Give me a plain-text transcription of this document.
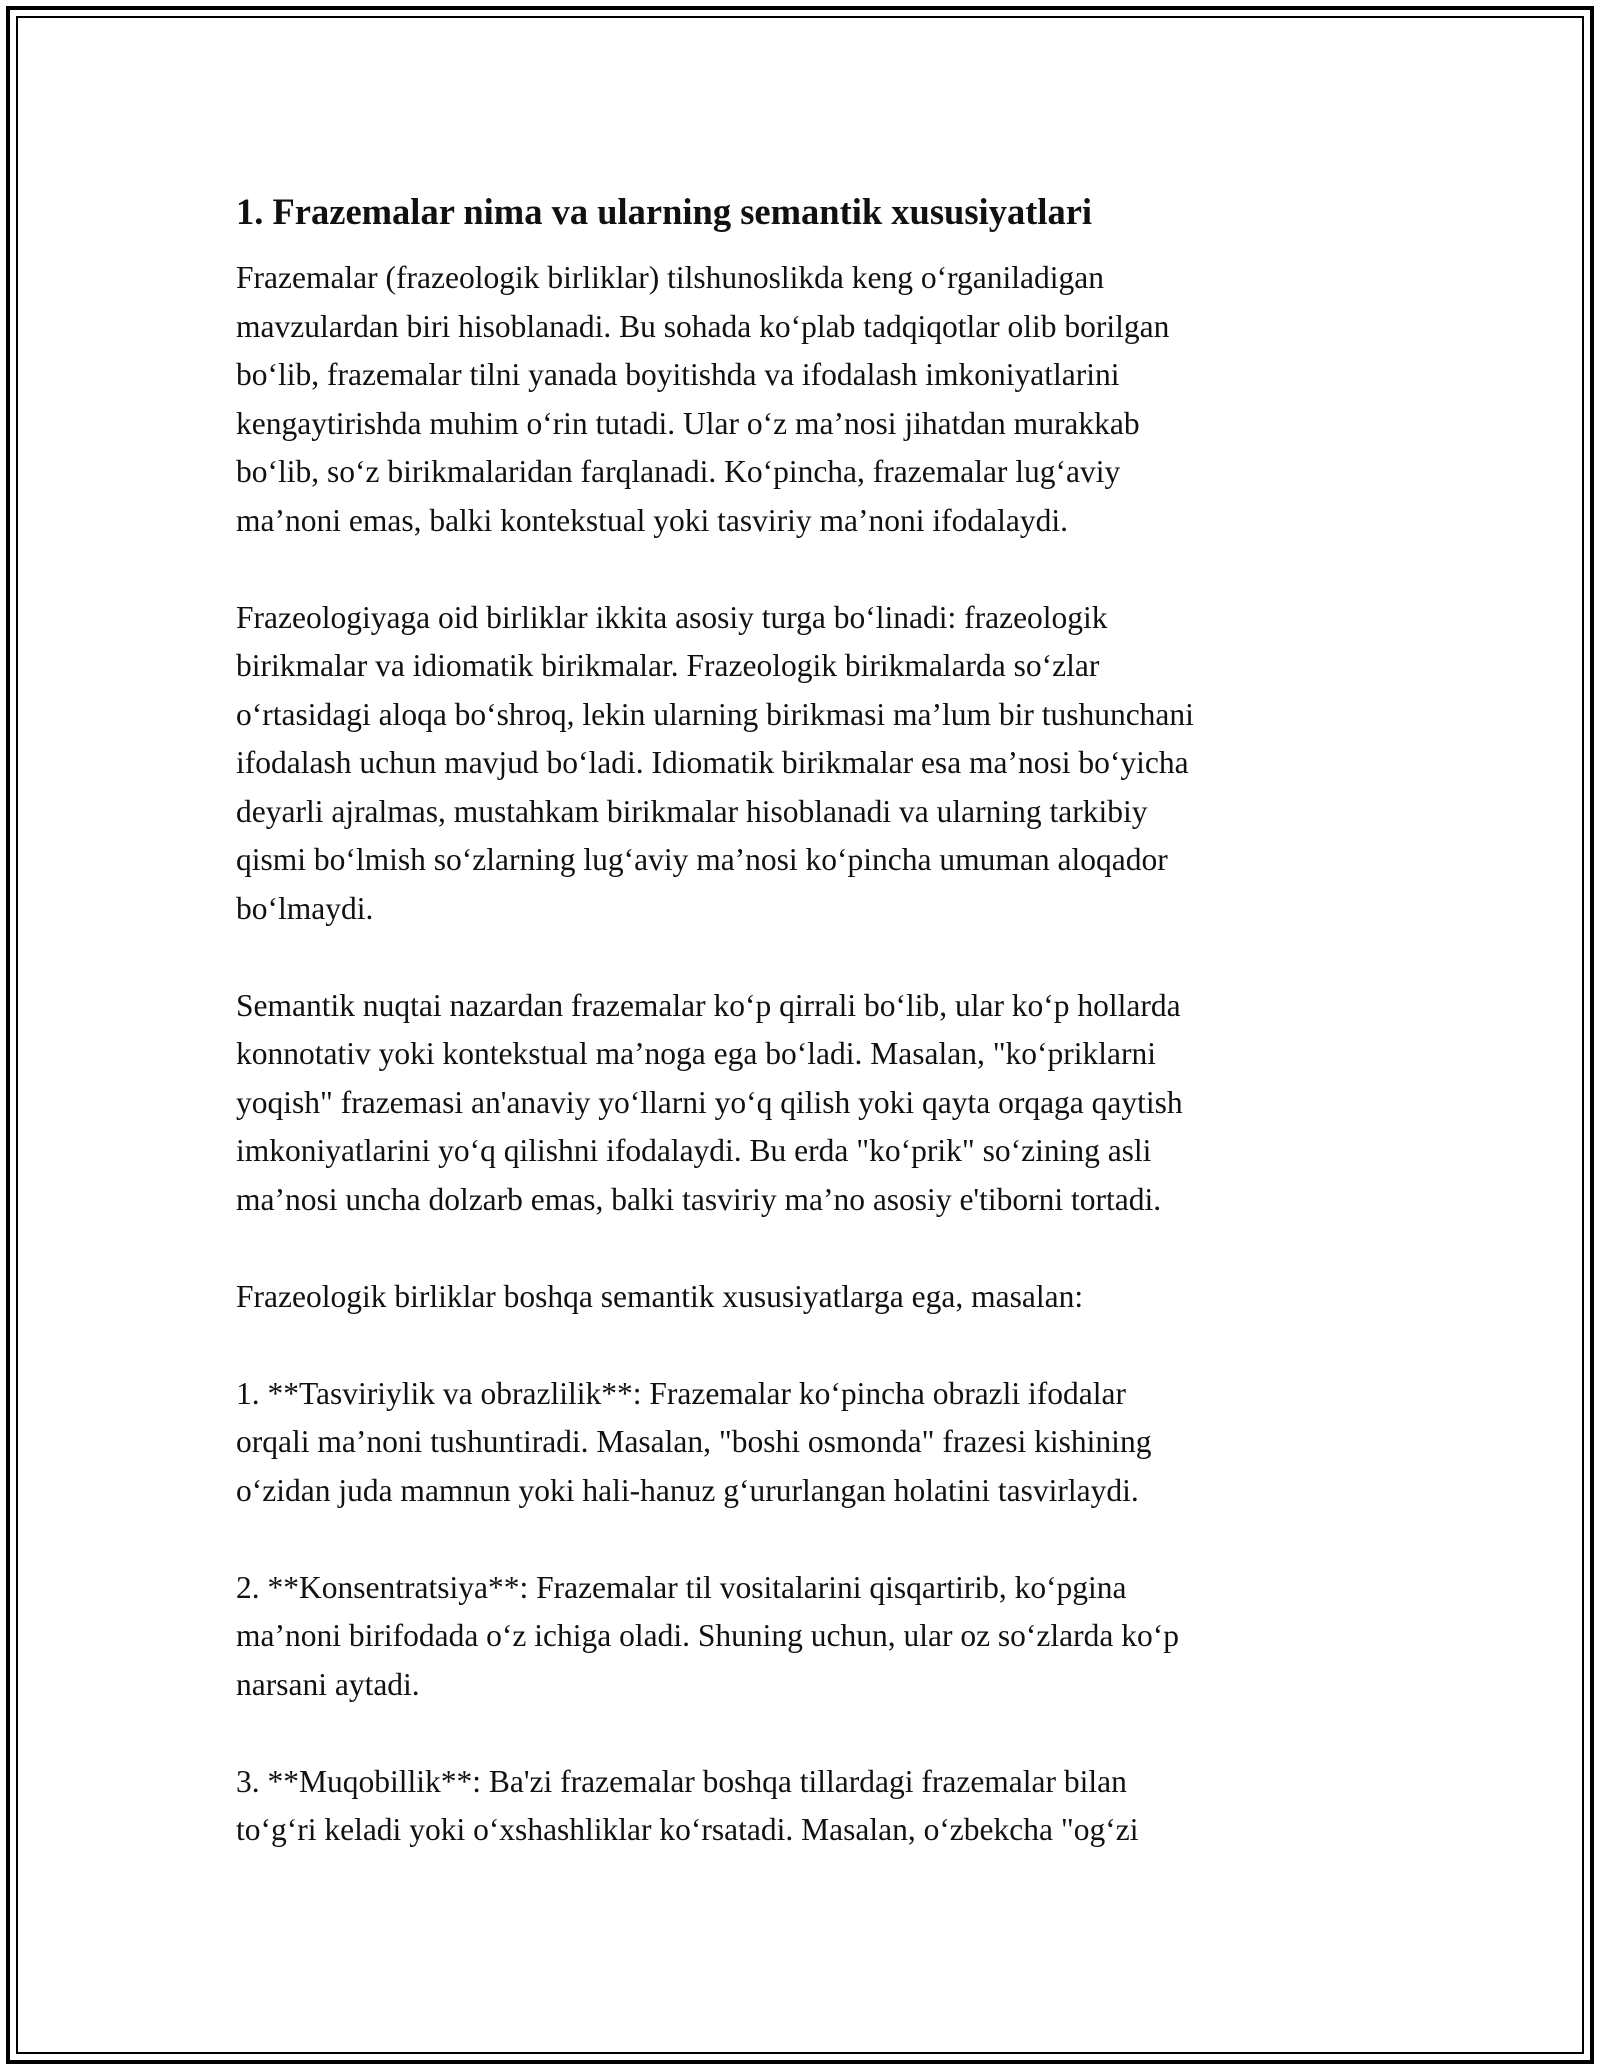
1. Frazemalar nima va ularning semantik xususiyatlari

Frazemalar (frazeologik birliklar) tilshunoslikda keng o‘rganiladigan
mavzulardan biri hisoblanadi. Bu sohada ko‘plab tadqiqotlar olib borilgan
bo‘lib, frazemalar tilni yanada boyitishda va ifodalash imkoniyatlarini
kengaytirishda muhim o‘rin tutadi. Ular o‘z ma’nosi jihatdan murakkab
bo‘lib, so‘z birikmalaridan farqlanadi. Ko‘pincha, frazemalar lug‘aviy
ma’noni emas, balki kontekstual yoki tasviriy ma’noni ifodalaydi.

Frazeologiyaga oid birliklar ikkita asosiy turga bo‘linadi: frazeologik
birikmalar va idiomatik birikmalar. Frazeologik birikmalarda so‘zlar
o‘rtasidagi aloqa bo‘shroq, lekin ularning birikmasi ma’lum bir tushunchani
ifodalash uchun mavjud bo‘ladi. Idiomatik birikmalar esa ma’nosi bo‘yicha
deyarli ajralmas, mustahkam birikmalar hisoblanadi va ularning tarkibiy
qismi bo‘lmish so‘zlarning lug‘aviy ma’nosi ko‘pincha umuman aloqador
bo‘lmaydi.

Semantik nuqtai nazardan frazemalar ko‘p qirrali bo‘lib, ular ko‘p hollarda
konnotativ yoki kontekstual ma’noga ega bo‘ladi. Masalan, "ko‘priklarni
yoqish" frazemasi an'anaviy yo‘llarni yo‘q qilish yoki qayta orqaga qaytish
imkoniyatlarini yo‘q qilishni ifodalaydi. Bu erda "ko‘prik" so‘zining asli
ma’nosi uncha dolzarb emas, balki tasviriy ma’no asosiy e'tiborni tortadi.

Frazeologik birliklar boshqa semantik xususiyatlarga ega, masalan:

1. **Tasviriylik va obrazlilik**: Frazemalar ko‘pincha obrazli ifodalar
orqali ma’noni tushuntiradi. Masalan, "boshi osmonda" frazesi kishining
o‘zidan juda mamnun yoki hali-hanuz g‘ururlangan holatini tasvirlaydi.

2. **Konsentratsiya**: Frazemalar til vositalarini qisqartirib, ko‘pgina
ma’noni birifodada o‘z ichiga oladi. Shuning uchun, ular oz so‘zlarda ko‘p
narsani aytadi.

3. **Muqobillik**: Ba'zi frazemalar boshqa tillardagi frazemalar bilan
to‘g‘ri keladi yoki o‘xshashliklar ko‘rsatadi. Masalan, o‘zbekcha "og‘zi
